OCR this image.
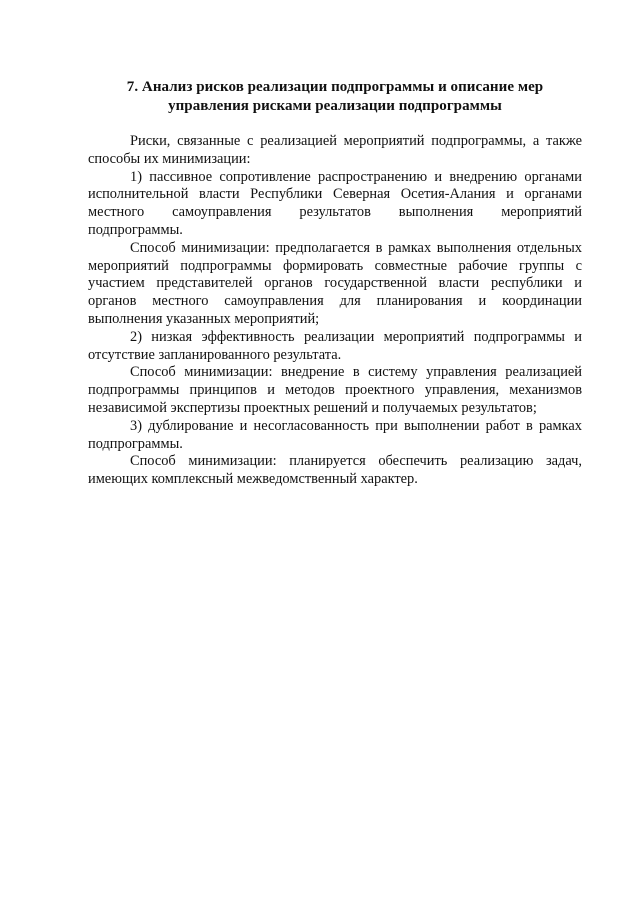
7. Анализ рисков реализации подпрограммы и описание мер
управления рисками реализации подпрограммы

Риски, связанные с реализацией мероприятий подпрограммы, а также способы их минимизации:

1) пассивное сопротивление распространению и внедрению органами исполнительной власти Республики Северная Осетия-Алания и органами местного самоуправления результатов выполнения мероприятий подпрограммы.

Способ минимизации: предполагается в рамках выполнения отдельных мероприятий подпрограммы формировать совместные рабочие группы с участием представителей органов государственной власти республики и органов местного самоуправления для планирования и координации выполнения указанных мероприятий;

2) низкая эффективность реализации мероприятий подпрограммы и отсутствие запланированного результата.

Способ минимизации: внедрение в систему управления реализацией подпрограммы принципов и методов проектного управления, механизмов независимой экспертизы проектных решений и получаемых результатов;

3) дублирование и несогласованность при выполнении работ в рамках подпрограммы.

Способ минимизации: планируется обеспечить реализацию задач, имеющих комплексный межведомственный характер.
